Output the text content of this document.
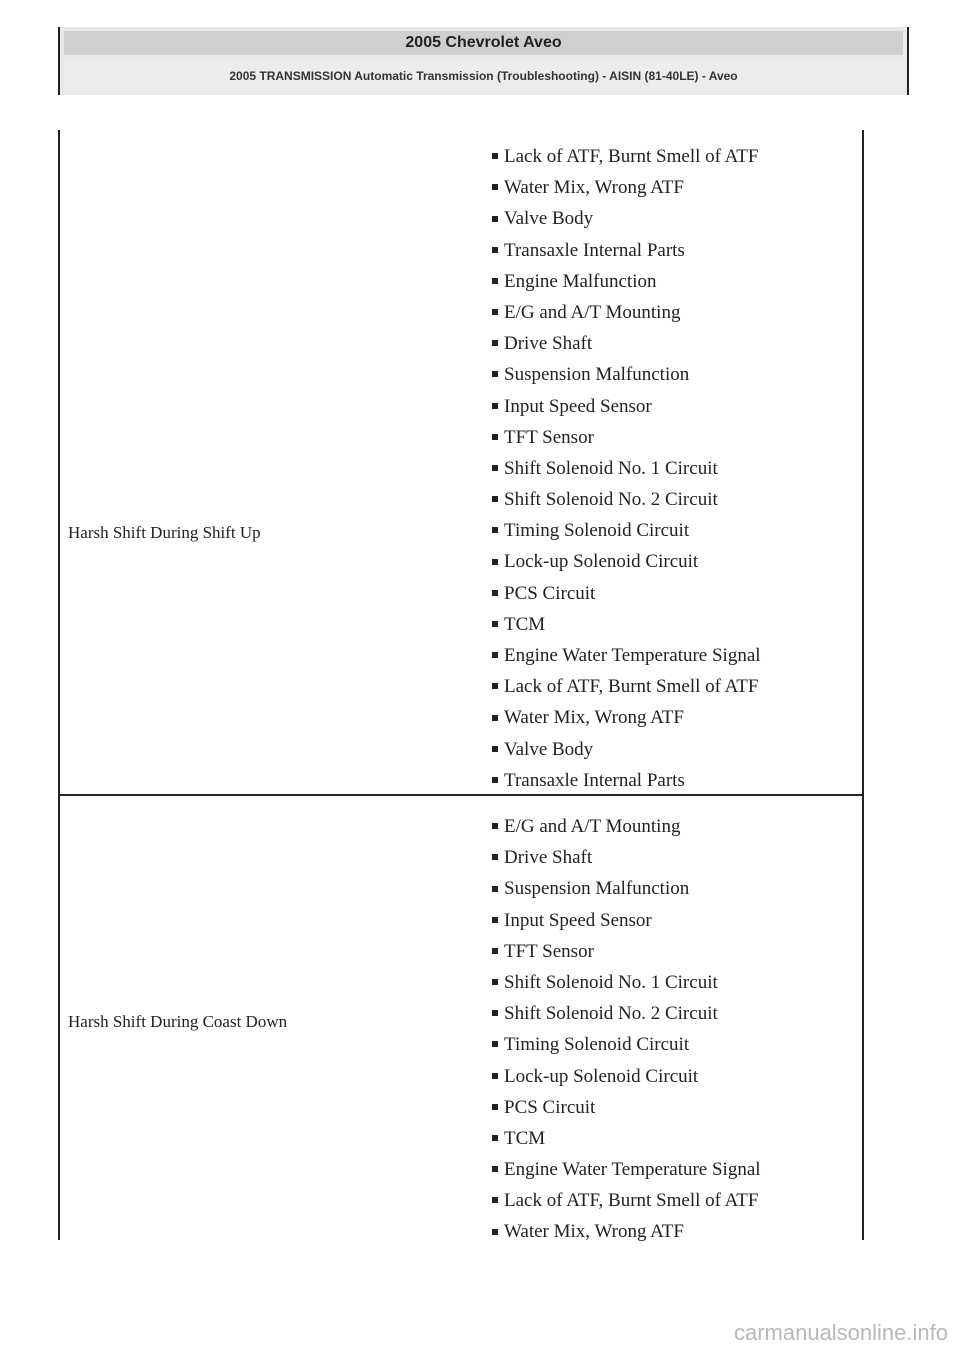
2005 Chevrolet Aveo
2005 TRANSMISSION Automatic Transmission (Troubleshooting) - AISIN (81-40LE) - Aveo
Harsh Shift During Shift Up
Lack of ATF, Burnt Smell of ATF
Water Mix, Wrong ATF
Valve Body
Transaxle Internal Parts
Engine Malfunction
E/G and A/T Mounting
Drive Shaft
Suspension Malfunction
Input Speed Sensor
TFT Sensor
Shift Solenoid No. 1 Circuit
Shift Solenoid No. 2 Circuit
Timing Solenoid Circuit
Lock-up Solenoid Circuit
PCS Circuit
TCM
Engine Water Temperature Signal
Lack of ATF, Burnt Smell of ATF
Water Mix, Wrong ATF
Valve Body
Transaxle Internal Parts
Harsh Shift During Coast Down
E/G and A/T Mounting
Drive Shaft
Suspension Malfunction
Input Speed Sensor
TFT Sensor
Shift Solenoid No. 1 Circuit
Shift Solenoid No. 2 Circuit
Timing Solenoid Circuit
Lock-up Solenoid Circuit
PCS Circuit
TCM
Engine Water Temperature Signal
Lack of ATF, Burnt Smell of ATF
Water Mix, Wrong ATF
carmanualsonline.info
